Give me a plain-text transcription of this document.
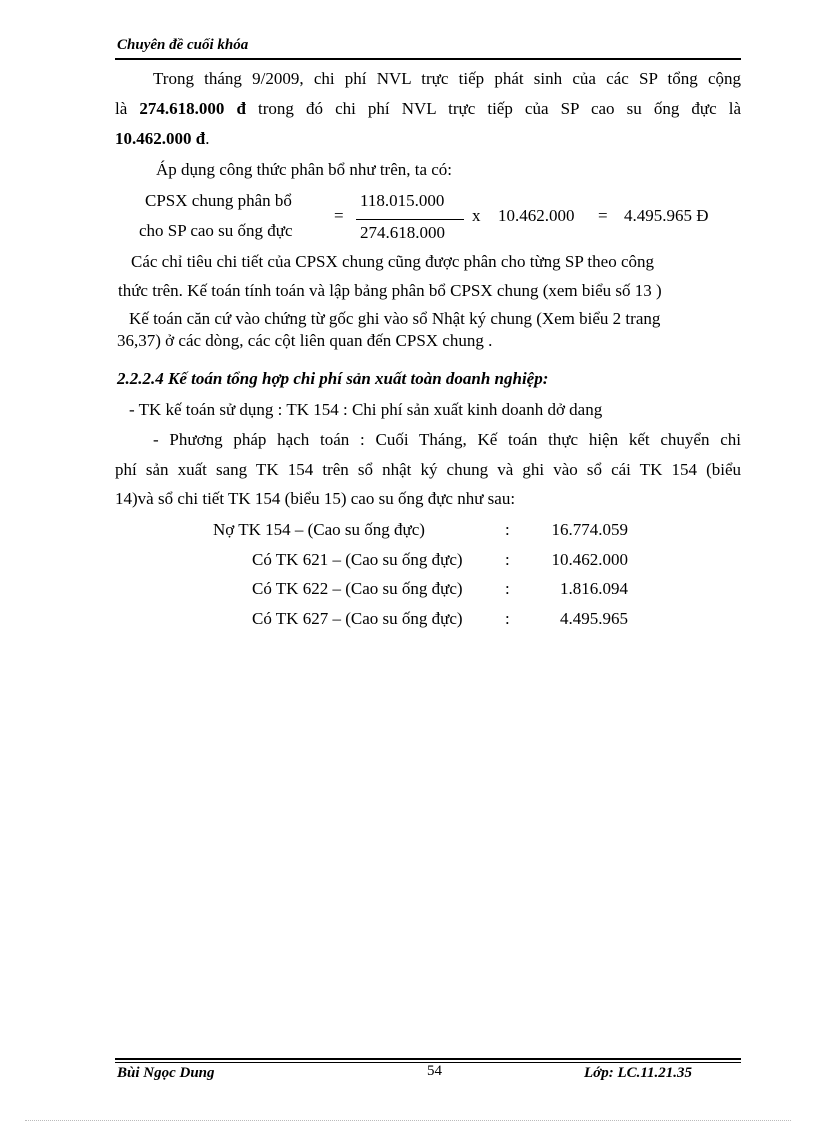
Chuyên đề cuối khóa
Trong tháng 9/2009, chi phí NVL trực tiếp phát sinh của các SP tổng cộng
là 274.618.000 đ trong đó chi phí NVL trực tiếp của SP cao su ống đực là
10.462.000 đ.
Áp dụng công thức phân bổ như trên, ta có:
CPSX chung phân bổ
cho SP cao su ống đực
=
118.015.000
274.618.000
x 10.462.000 = 4.495.965 Đ
Các chỉ tiêu chi tiết của CPSX chung cũng được phân cho từng SP theo công
thức trên. Kế toán tính toán và lập bảng phân bổ CPSX chung (xem biểu số 13 )
Kế toán căn cứ vào chứng từ gốc ghi vào sổ Nhật ký chung (Xem biểu 2 trang
36,37) ở các dòng, các cột liên quan đến CPSX chung .
2.2.2.4 Kế toán tổng hợp chi phí sản xuất toàn doanh nghiệp:
- TK kế toán sử dụng : TK 154 : Chi phí sản xuất kinh doanh dở dang
- Phương pháp hạch toán : Cuối Tháng, Kế toán thực hiện kết chuyển chi
phí sản xuất sang TK 154 trên sổ nhật ký chung và ghi vào sổ cái TK 154 (biểu
14)và sổ chi tiết TK 154 (biểu 15) cao su ống đực như sau:
Nợ TK 154 – (Cao su ống đực)	:	16.774.059
Có TK 621 – (Cao su ống đực) :	10.462.000
Có TK 622 – (Cao su ống đực) :	1.816.094
Có TK 627 – (Cao su ống đực) :	4.495.965
Bùi Ngọc Dung	54	Lớp: LC.11.21.35
